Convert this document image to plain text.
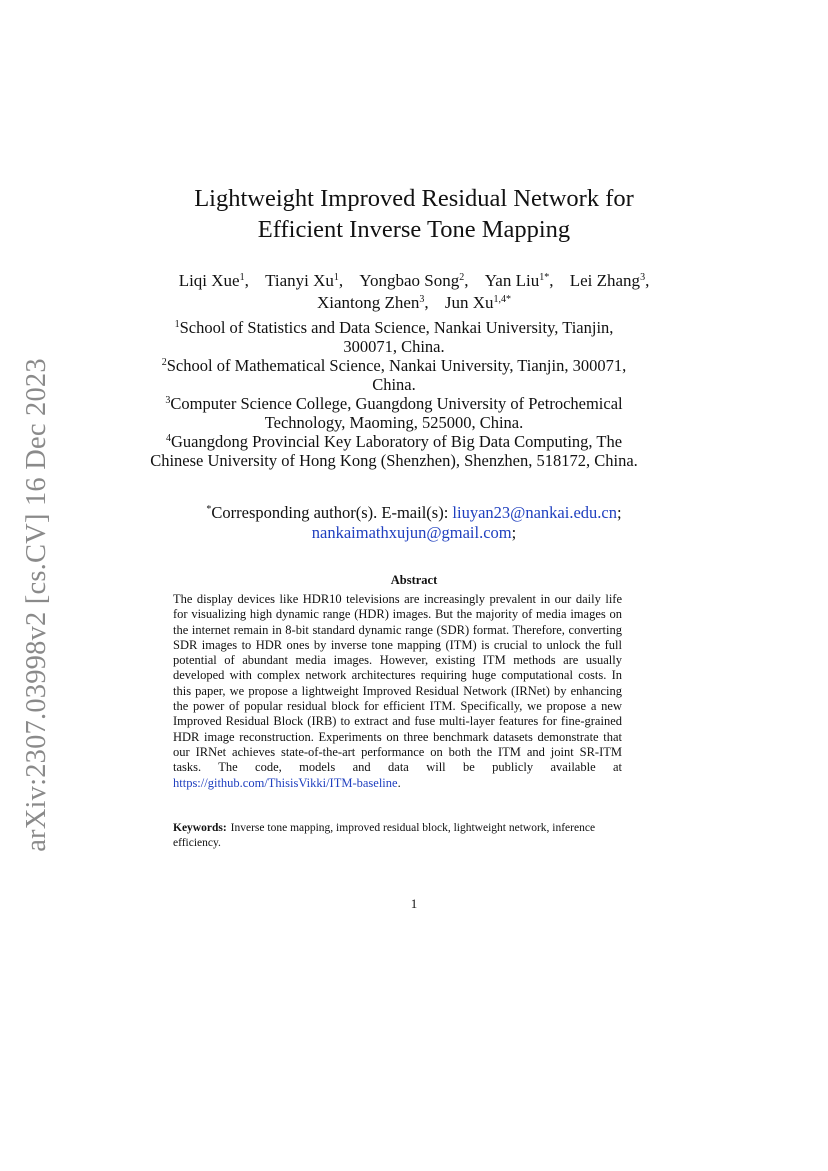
arXiv:2307.03998v2 [cs.CV] 16 Dec 2023
Lightweight Improved Residual Network for
Efficient Inverse Tone Mapping
Liqi Xue$^1$, Tianyi Xu$^1$, Yongbao Song$^2$, Yan Liu$^{1*}$, Lei Zhang$^3$,
Xiantong Zhen$^3$, Jun $Xu^{1,4*}$
$^1$School of Statistics and Data Science, Nankai University, Tianjin, 300071, China.
$^2$School of Mathematical Science, Nankai University, Tianjin, 300071, China.
$^3$Computer Science College, Guangdong University of Petrochemical Technology, Maoming, 525000, China.
$^4$Guangdong Provincial Key Laboratory of Big Data Computing, The Chinese University of Hong Kong (Shenzhen), Shenzhen, 518172, China.
*Corresponding author(s). E-mail(s): liuyan23@nankai.edu.cn;
nankaimathxujun@gmail.com;
Abstract
The display devices like HDR10 televisions are increasingly prevalent in our daily life for visualizing high dynamic range (HDR) images. But the majority of media images on the internet remain in 8-bit standard dynamic range (SDR) format. Therefore, converting SDR images to HDR ones by inverse tone mapping (ITM) is crucial to unlock the full potential of abundant media images. However, existing ITM methods are usually developed with complex network architectures requiring huge computational costs. In this paper, we propose a lightweight Improved Residual Network (IRNet) by enhancing the power of popular residual block for efficient ITM. Specifically, we propose a new Improved Residual Block (IRB) to extract and fuse multi-layer features for fine-grained HDR image reconstruction. Experiments on three benchmark datasets demonstrate that our IRNet achieves state-of-the-art performance on both the ITM and joint SR-ITM tasks. The code, models and data will be publicly available at https://github.com/ThisisVikki/ITM-baseline.
Keywords: Inverse tone mapping, improved residual block, lightweight network, inference efficiency.
1
